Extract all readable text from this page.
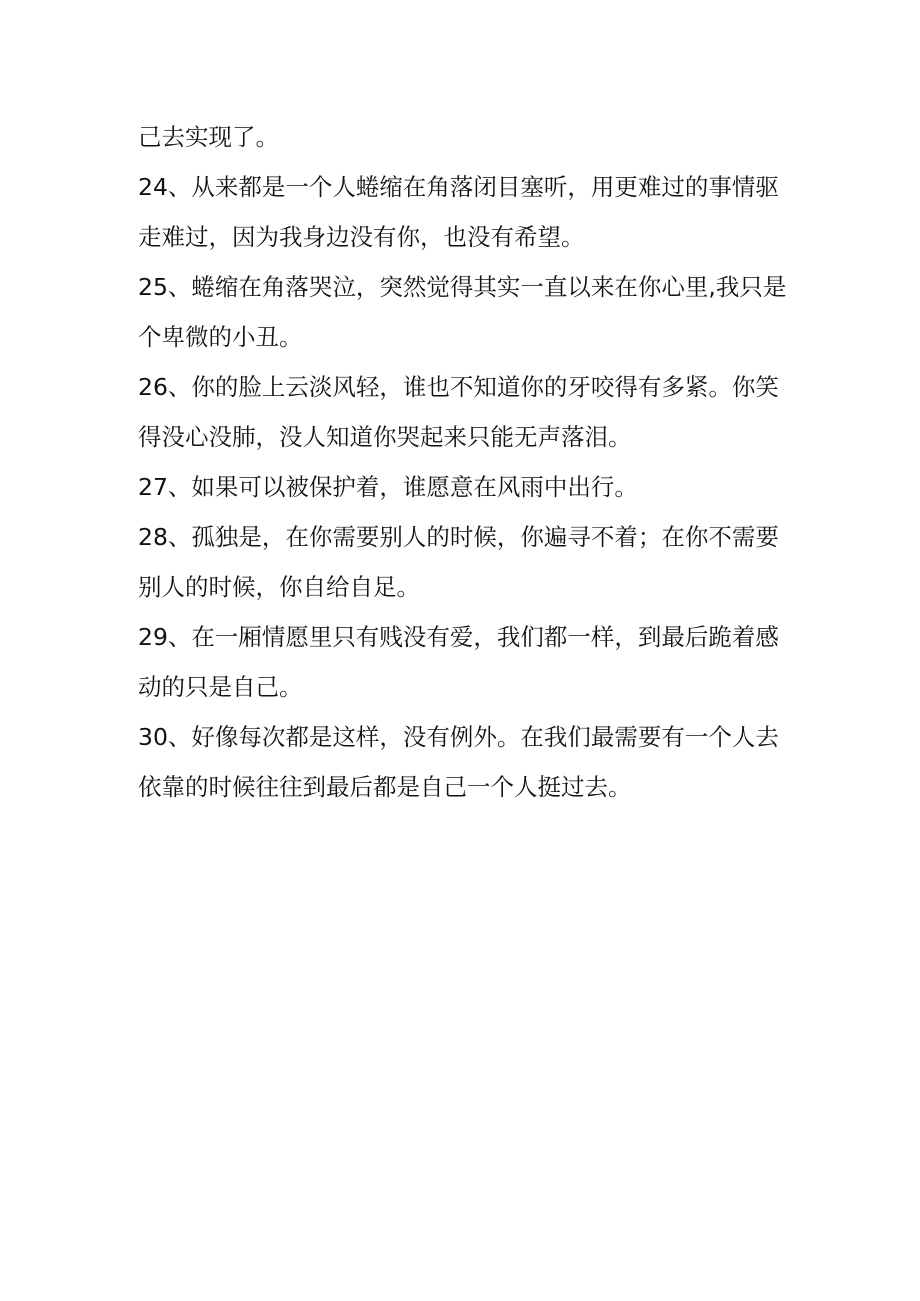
己去实现了。

24、从来都是一个人蜷缩在角落闭目塞听，用更难过的事情驱走难过，因为我身边没有你，也没有希望。

25、蜷缩在角落哭泣，突然觉得其实一直以来在你心里,我只是个卑微的小丑。

26、你的脸上云淡风轻，谁也不知道你的牙咬得有多紧。你笑得没心没肺，没人知道你哭起来只能无声落泪。

27、如果可以被保护着，谁愿意在风雨中出行。

28、孤独是，在你需要别人的时候，你遍寻不着；在你不需要别人的时候，你自给自足。

29、在一厢情愿里只有贱没有爱，我们都一样，到最后跪着感动的只是自己。

30、好像每次都是这样，没有例外。在我们最需要有一个人去依靠的时候往往到最后都是自己一个人挺过去。
